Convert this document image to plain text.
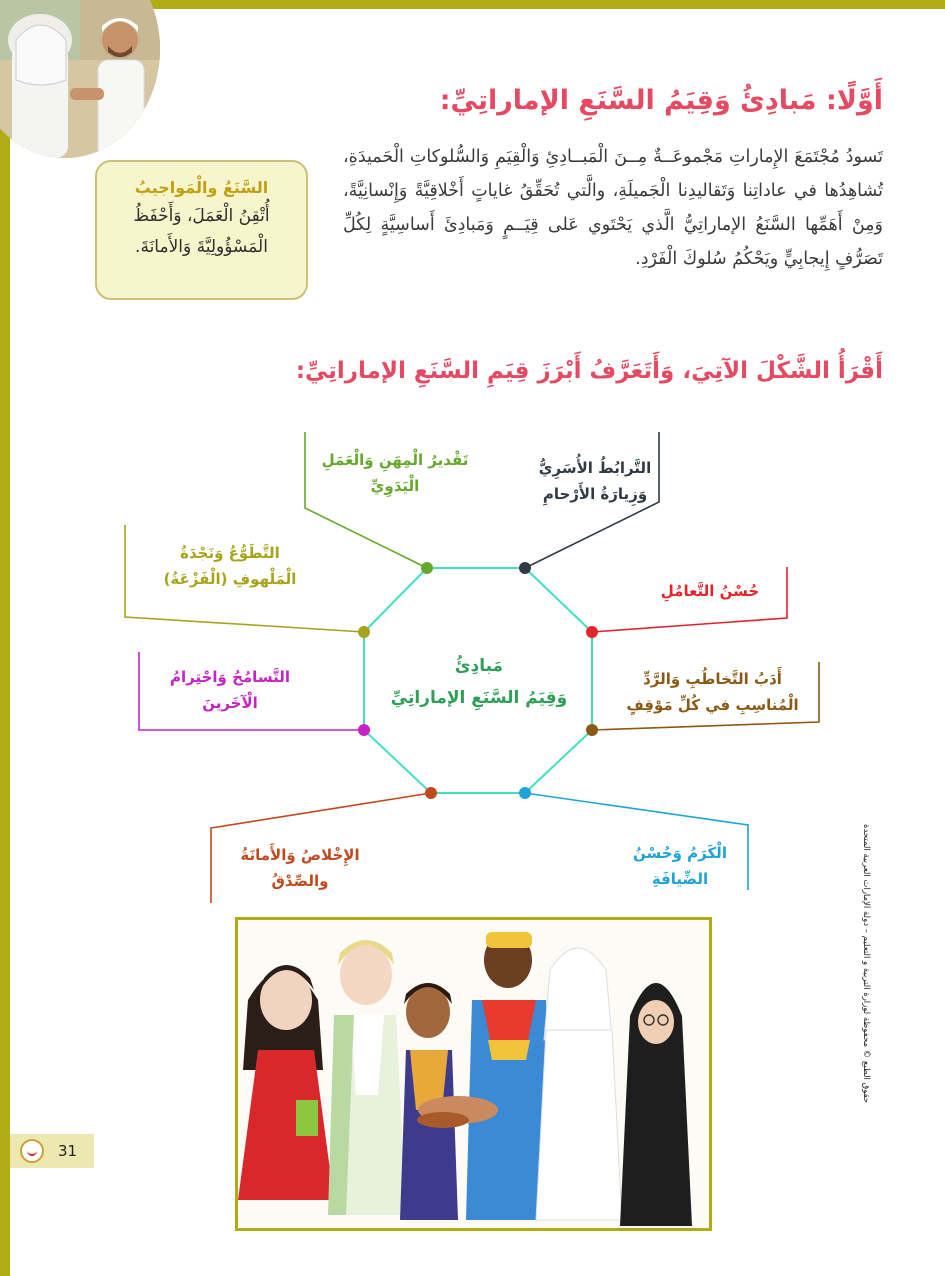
أَوَّلًا: مَبادِئُ وَقِيَمُ السَّنَعِ الإماراتِيِّ:

تَسودُ مُجْتَمَعَ الإِماراتِ مَجْموعَــةٌ مِــنَ الْمَبــادِئِ وَالْقِيَمِ وَالسُّلوكاتِ الْحَميدَةِ، تُشاهِدُها في عاداتِنا وَتَقاليدِنا الْجَميلَةِ، والَّتي تُحَقِّقُ غاياتٍ أَخْلاقِيَّةً وَإِنْسانِيَّةً، وَمِنْ أَهَمِّها السَّنَعُ الإماراتِيُّ الَّذي يَحْتَوي عَلى قِيَــمٍ وَمَبادِئَ أَساسِيَّةٍ لِكُلِّ تَصَرُّفٍ إِيجابِيٍّ ويَحْكُمُ سُلوكَ الْفَرْدِ.

السَّنَعُ والْمَواجيبُ

أُتْقِنُ الْعَمَلَ، وَأَحْفَظُ
الْمَسْؤُولِيَّةَ وَالأَمانَةَ.

أَقْرَأُ الشَّكْلَ الآتِيَ، وَأَتَعَرَّفُ أَبْرَزَ قِيَمِ السَّنَعِ الإماراتِيِّ:
مَبادِئُ
وَقِيَمُ السَّنَعِ الإماراتِيِّ
التَّرابُطُ الأُسَرِيُّ
وَزِيارَةُ الأَرْحامِ
تَقْديرُ الْمِهَنِ وَالْعَمَلِ
الْيَدَوِيِّ
حُسْنُ التَّعامُلِ
التَّطَوُّعُ وَنَجْدَةُ
الْمَلْهوفِ (الْفَزْعَةُ)
أَدَبُ التَّخاطُبِ وَالرَّدِّ
الْمُناسِبِ في كُلِّ مَوْقِفٍ
التَّسامُحُ وَاحْتِرامُ
الْآخَرينَ
الْكَرَمُ وَحُسْنُ
الضِّيافَةِ
الإِخْلاصُ وَالأَمانَةُ
والصِّدْقُ	حقوق الطبع © محفوظة لوزارة التربية و التعليم – دولة الإمارات العربية المتحدة
31
